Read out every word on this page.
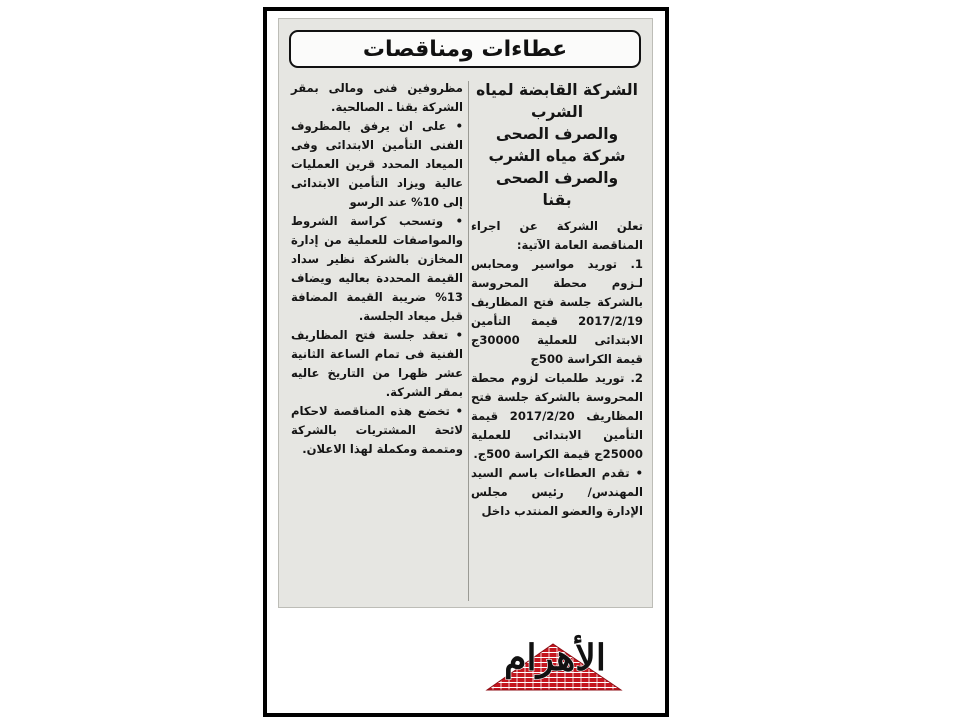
عطاءات ومناقصات
الشركة القابضة لمياه
الشرب
والصرف الصحى
شركة مياه الشرب
والصرف الصحى
بقنا

تعلن الشركة عن اجراء المناقصة العامة الآتية:

1. توريد مواسير ومحابس لـزوم محطة المحروسة بالشركة جلسة فتح المظاريف 2017/2/19 قيمة التأمين الابتدائى للعملية 30000ج قيمة الكراسة 500ج

2. توريد طلمبات لزوم محطة المحروسة بالشركة جلسة فتح المظاريف 2017/2/20 قيمة التأمين الابتدائى للعملية 25000ج قيمة الكراسة 500ج.

• تقدم العطاءات باسم السيد المهندس/ رئيس مجلس الإدارة والعضو المنتدب داخل

مظروفين فنى ومالى بمقر الشركة بقنا ـ الصالحية.

• على ان يرفق بالمظروف الفنى التأمين الابتدائى وفى الميعاد المحدد قرين العمليات عالية ويزاد التأمين الابتدائى إلى 10% عند الرسو

• وتسحب كراسة الشروط والمواصفات للعملية من إدارة المخازن بالشركة نظير سداد القيمة المحددة بعاليه ويضاف 13% ضريبة القيمة المضافة قبل ميعاد الجلسة.

• تعقد جلسة فتح المظاريف الفنية فى تمام الساعة الثانية عشر ظهرا من التاريخ عاليه بمقر الشركة.

• تخضع هذه المناقصة لاحكام لائحة المشتريات بالشركة ومتممة ومكملة لهذا الاعلان.

الأهرام
